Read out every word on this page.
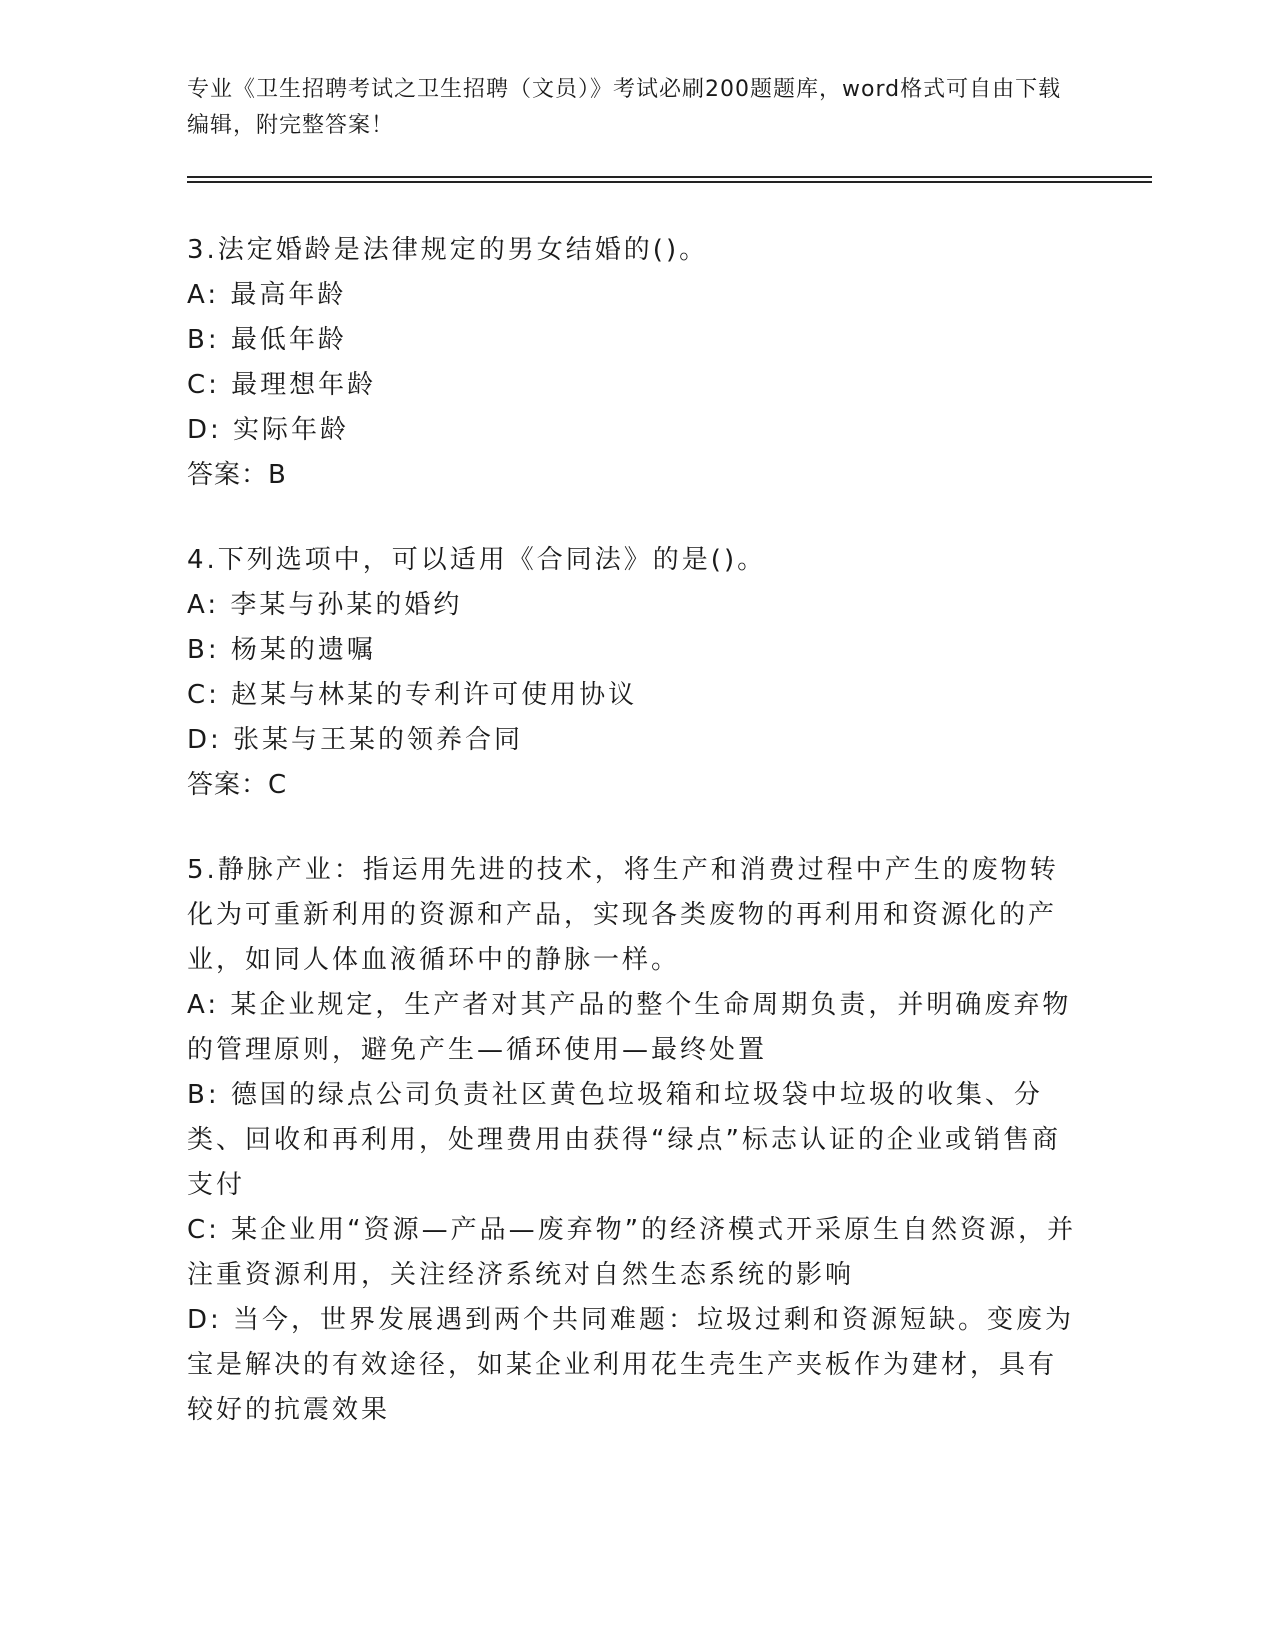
专业《卫生招聘考试之卫生招聘（文员）》考试必刷200题题库，word格式可自由下载编辑，附完整答案！
3.法定婚龄是法律规定的男女结婚的()。
A: 最高年龄
B: 最低年龄
C: 最理想年龄
D: 实际年龄
答案：B
4.下列选项中，可以适用《合同法》的是()。
A: 李某与孙某的婚约
B: 杨某的遗嘱
C: 赵某与林某的专利许可使用协议
D: 张某与王某的领养合同
答案：C
5.静脉产业：指运用先进的技术，将生产和消费过程中产生的废物转化为可重新利用的资源和产品，实现各类废物的再利用和资源化的产业，如同人体血液循环中的静脉一样。
A: 某企业规定，生产者对其产品的整个生命周期负责，并明确废弃物的管理原则，避免产生—循环使用—最终处置
B: 德国的绿点公司负责社区黄色垃圾箱和垃圾袋中垃圾的收集、分类、回收和再利用，处理费用由获得“绿点”标志认证的企业或销售商支付
C: 某企业用“资源—产品—废弃物”的经济模式开采原生自然资源，并注重资源利用，关注经济系统对自然生态系统的影响
D: 当今，世界发展遇到两个共同难题：垃圾过剩和资源短缺。变废为宝是解决的有效途径，如某企业利用花生壳生产夹板作为建材，具有较好的抗震效果
